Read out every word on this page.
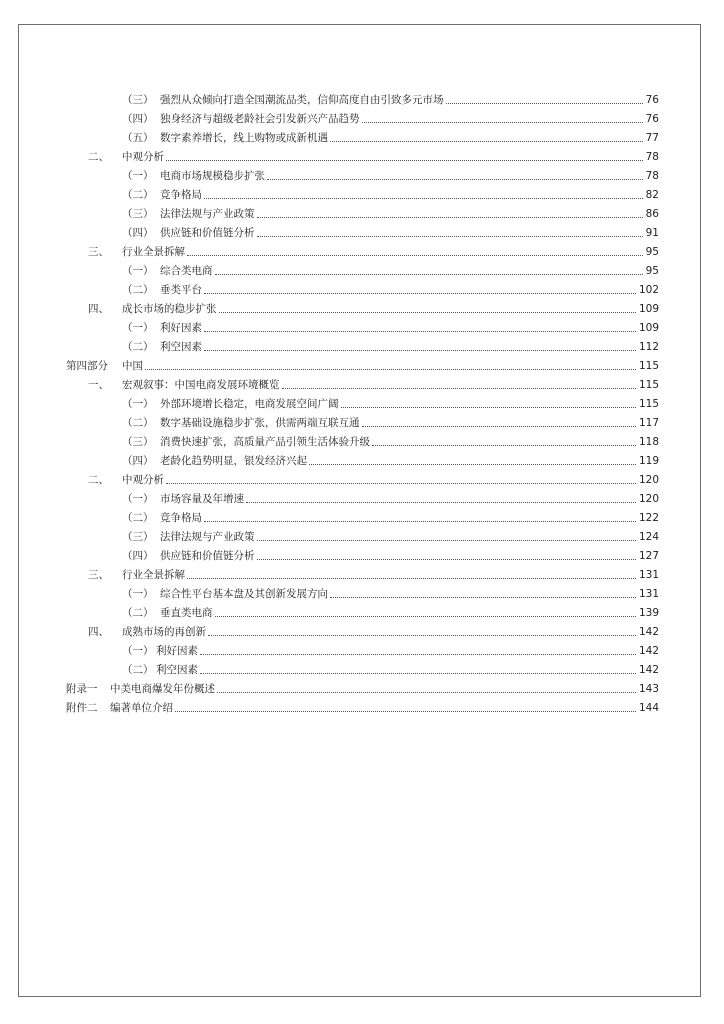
（三） 强烈从众倾向打造全国潮流品类，信仰高度自由引致多元市场	76
（四） 独身经济与超级老龄社会引发新兴产品趋势	76
（五） 数字素养增长，线上购物或成新机遇	77
二、	中观分析	78
（一） 电商市场规模稳步扩张	78
（二） 竞争格局	82
（三） 法律法规与产业政策	86
（四） 供应链和价值链分析	91
三、	行业全景拆解	95
（一） 综合类电商	95
（二） 垂类平台	102
四、	成长市场的稳步扩张	109
（一） 利好因素	109
（二） 利空因素	112
第四部分	中国	115
一、	宏观叙事：中国电商发展环境概览	115
（一） 外部环境增长稳定，电商发展空间广阔	115
（二） 数字基础设施稳步扩张，供需两端互联互通	117
（三） 消费快速扩张，高质量产品引领生活体验升级	118
（四） 老龄化趋势明显，银发经济兴起	119
二、	中观分析	120
（一） 市场容量及年增速	120
（二） 竞争格局	122
（三） 法律法规与产业政策	124
（四） 供应链和价值链分析	127
三、	行业全景拆解	131
（一） 综合性平台基本盘及其创新发展方向	131
（二） 垂直类电商	139
四、	成熟市场的再创新	142
（一） 利好因素	142
（二） 利空因素	142
附录一	中美电商爆发年份概述	143
附件二	编著单位介绍	144
